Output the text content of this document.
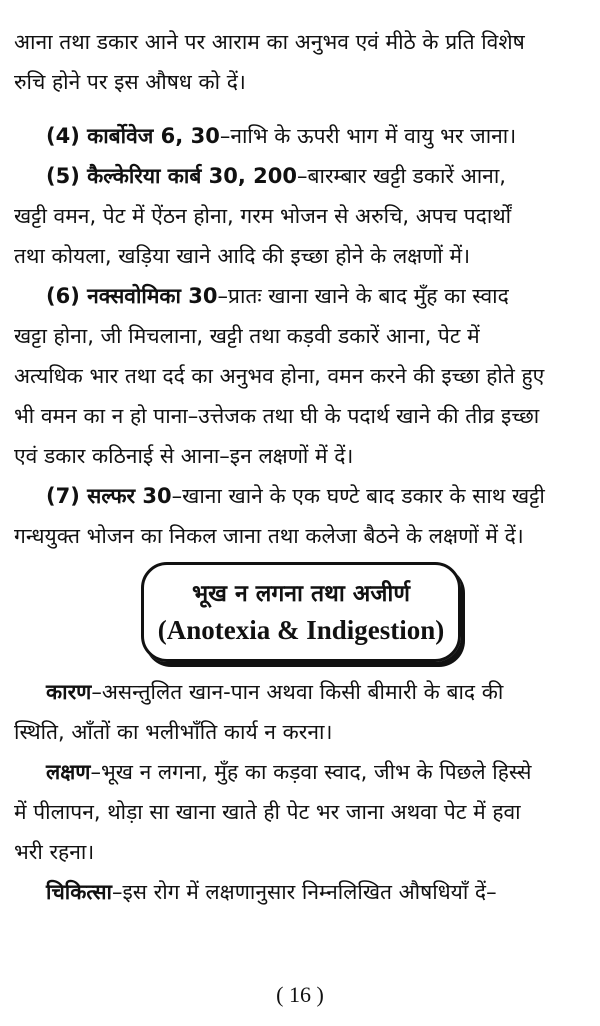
आना तथा डकार आने पर आराम का अनुभव एवं मीठे के प्रति विशेष
रुचि होने पर इस औषध को दें।
(4) कार्बोवेज 6, 30–नाभि के ऊपरी भाग में वायु भर जाना।
(5) कैल्केरिया कार्ब 30, 200–बारम्बार खट्टी डकारें आना,
खट्टी वमन, पेट में ऐंठन होना, गरम भोजन से अरुचि, अपच पदार्थों
तथा कोयला, खड़िया खाने आदि की इच्छा होने के लक्षणों में।
(6) नक्सवोमिका 30–प्रातः खाना खाने के बाद मुँह का स्वाद
खट्टा होना, जी मिचलाना, खट्टी तथा कड़वी डकारें आना, पेट में
अत्यधिक भार तथा दर्द का अनुभव होना, वमन करने की इच्छा होते हुए
भी वमन का न हो पाना–उत्तेजक तथा घी के पदार्थ खाने की तीव्र इच्छा
एवं डकार कठिनाई से आना–इन लक्षणों में दें।
(7) सल्फर 30–खाना खाने के एक घण्टे बाद डकार के साथ खट्टी
गन्धयुक्त भोजन का निकल जाना तथा कलेजा बैठने के लक्षणों में दें।
भूख न लगना तथा अजीर्ण
(Anotexia & Indigestion)
कारण–असन्तुलित खान-पान अथवा किसी बीमारी के बाद की
स्थिति, आँतों का भलीभाँति कार्य न करना।
लक्षण–भूख न लगना, मुँह का कड़वा स्वाद, जीभ के पिछले हिस्से
में पीलापन, थोड़ा सा खाना खाते ही पेट भर जाना अथवा पेट में हवा
भरी रहना।
चिकित्सा–इस रोग में लक्षणानुसार निम्नलिखित औषधियाँ दें–
( 16 )
